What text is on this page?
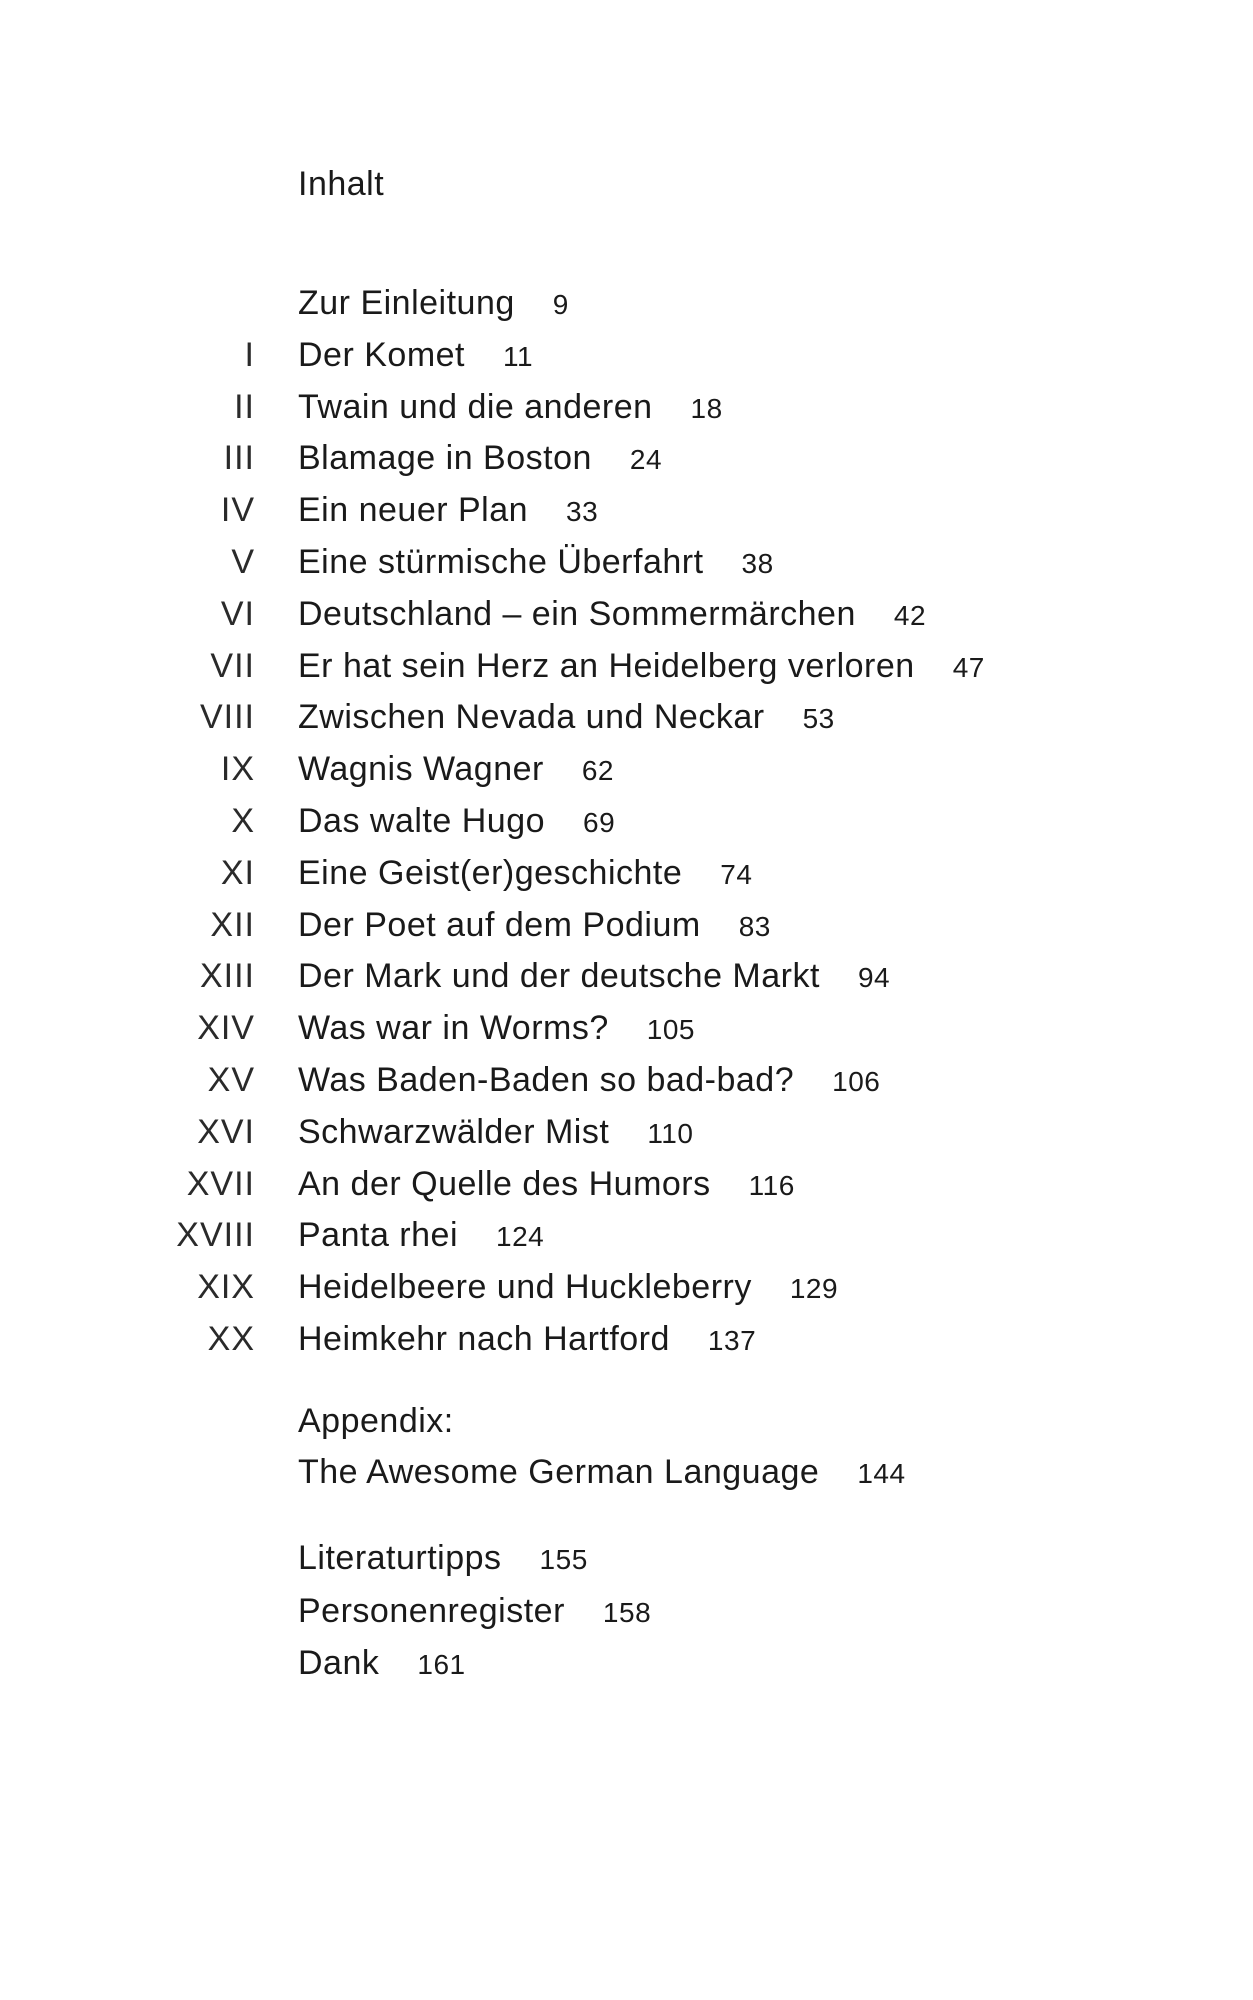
Inhalt
Zur Einleitung 9
I Der Komet 11
II Twain und die anderen 18
III Blamage in Boston 24
IV Ein neuer Plan 33
V Eine stürmische Überfahrt 38
VI Deutschland – ein Sommermärchen 42
VII Er hat sein Herz an Heidelberg verloren 47
VIII Zwischen Nevada und Neckar 53
IX Wagnis Wagner 62
X Das walte Hugo 69
XI Eine Geist(er)geschichte 74
XII Der Poet auf dem Podium 83
XIII Der Mark und der deutsche Markt 94
XIV Was war in Worms? 105
XV Was Baden-Baden so bad-bad? 106
XVI Schwarzwälder Mist 110
XVII An der Quelle des Humors 116
XVIII Panta rhei 124
XIX Heidelbeere und Huckleberry 129
XX Heimkehr nach Hartford 137
Appendix:
The Awesome German Language 144
Literaturtipps 155
Personenregister 158
Dank 161
